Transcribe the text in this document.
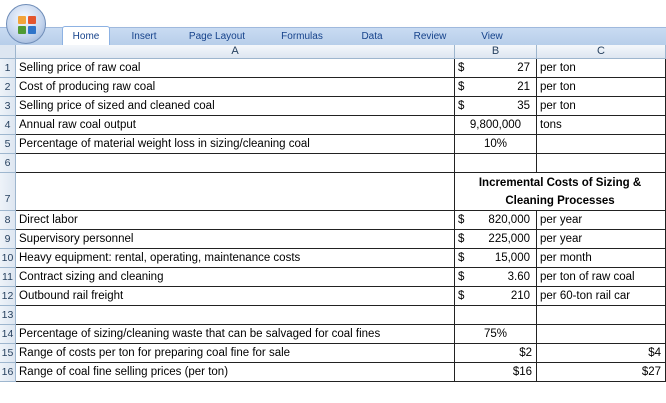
Home	Insert	Page Layout	Formulas	Data	Review	View
A	B	C
1 Selling price of raw coal	$	27 per ton
2 Cost of producing raw coal	$	21 per ton
3 Selling price of sized and cleaned coal	$	35 per ton
4 Annual raw coal output	9,800,000	tons
5 Percentage of material weight loss in sizing/cleaning coal	10%
6
7
Incremental Costs of Sizing &
Cleaning Processes
8 Direct labor	$ 820,000 per year
9 Supervisory personnel	$ 225,000 per year
10 Heavy equipment: rental, operating, maintenance costs	$	15,000 per month
11 Contract sizing and cleaning	$	3.60 per ton of raw coal
12 Outbound rail freight	$	210 per 60-ton rail car
13
14 Percentage of sizing/cleaning waste that can be salvaged for coal fines	75%
15 Range of costs per ton for preparing coal fine for sale	$2	$4
16 Range of coal fine selling prices (per ton)	$16	$27
